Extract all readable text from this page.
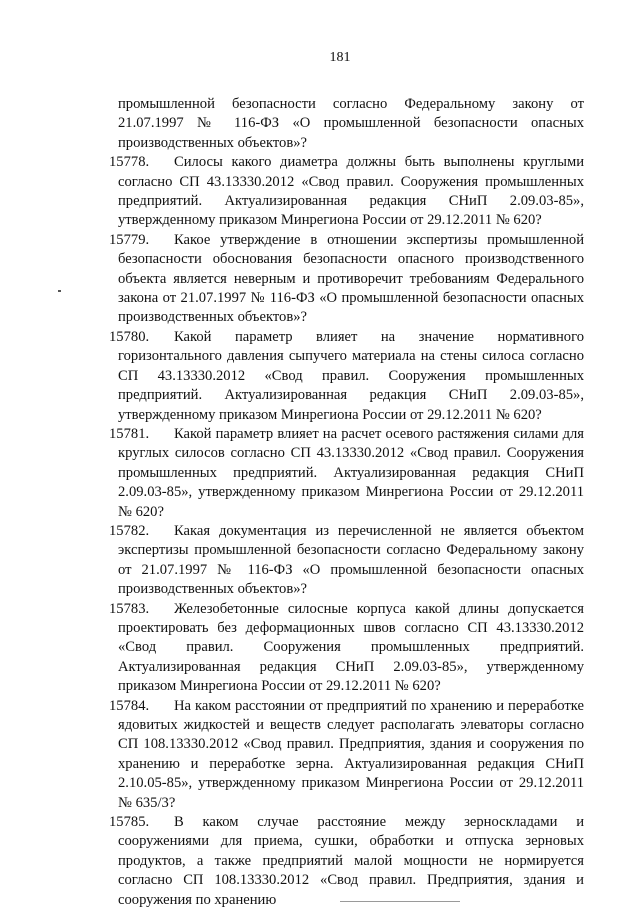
181
промышленной безопасности согласно Федеральному закону от 21.07.1997 № 116-ФЗ «О промышленной безопасности опасных производственных объектов»?
15778.	Силосы какого диаметра должны быть выполнены круглыми согласно СП 43.13330.2012 «Свод правил. Сооружения промышленных предприятий. Актуализированная редакция СНиП 2.09.03-85», утвержденному приказом Минрегиона России от 29.12.2011 № 620?
15779.	Какое утверждение в отношении экспертизы промышленной безопасности обоснования безопасности опасного производственного объекта является неверным и противоречит требованиям Федерального закона от 21.07.1997 № 116-ФЗ «О промышленной безопасности опасных производственных объектов»?
15780.	Какой параметр влияет на значение нормативного горизонтального давления сыпучего материала на стены силоса согласно СП 43.13330.2012 «Свод правил. Сооружения промышленных предприятий. Актуализированная редакция СНиП 2.09.03-85», утвержденному приказом Минрегиона России от 29.12.2011 № 620?
15781.	Какой параметр влияет на расчет осевого растяжения силами для круглых силосов согласно СП 43.13330.2012 «Свод правил. Сооружения промышленных предприятий. Актуализированная редакция СНиП 2.09.03-85», утвержденному приказом Минрегиона России от 29.12.2011 № 620?
15782.	Какая документация из перечисленной не является объектом экспертизы промышленной безопасности согласно Федеральному закону от 21.07.1997 № 116-ФЗ «О промышленной безопасности опасных производственных объектов»?
15783.	Железобетонные силосные корпуса какой длины допускается проектировать без деформационных швов согласно СП 43.13330.2012 «Свод правил. Сооружения промышленных предприятий. Актуализированная редакция СНиП 2.09.03-85», утвержденному приказом Минрегиона России от 29.12.2011 № 620?
15784.	На каком расстоянии от предприятий по хранению и переработке ядовитых жидкостей и веществ следует располагать элеваторы согласно СП 108.13330.2012 «Свод правил. Предприятия, здания и сооружения по хранению и переработке зерна. Актуализированная редакция СНиП 2.10.05-85», утвержденному приказом Минрегиона России от 29.12.2011 № 635/3?
15785.	В каком случае расстояние между зерноскладами и сооружениями для приема, сушки, обработки и отпуска зерновых продуктов, а также предприятий малой мощности не нормируется согласно СП 108.13330.2012 «Свод правил. Предприятия, здания и сооружения по хранению
